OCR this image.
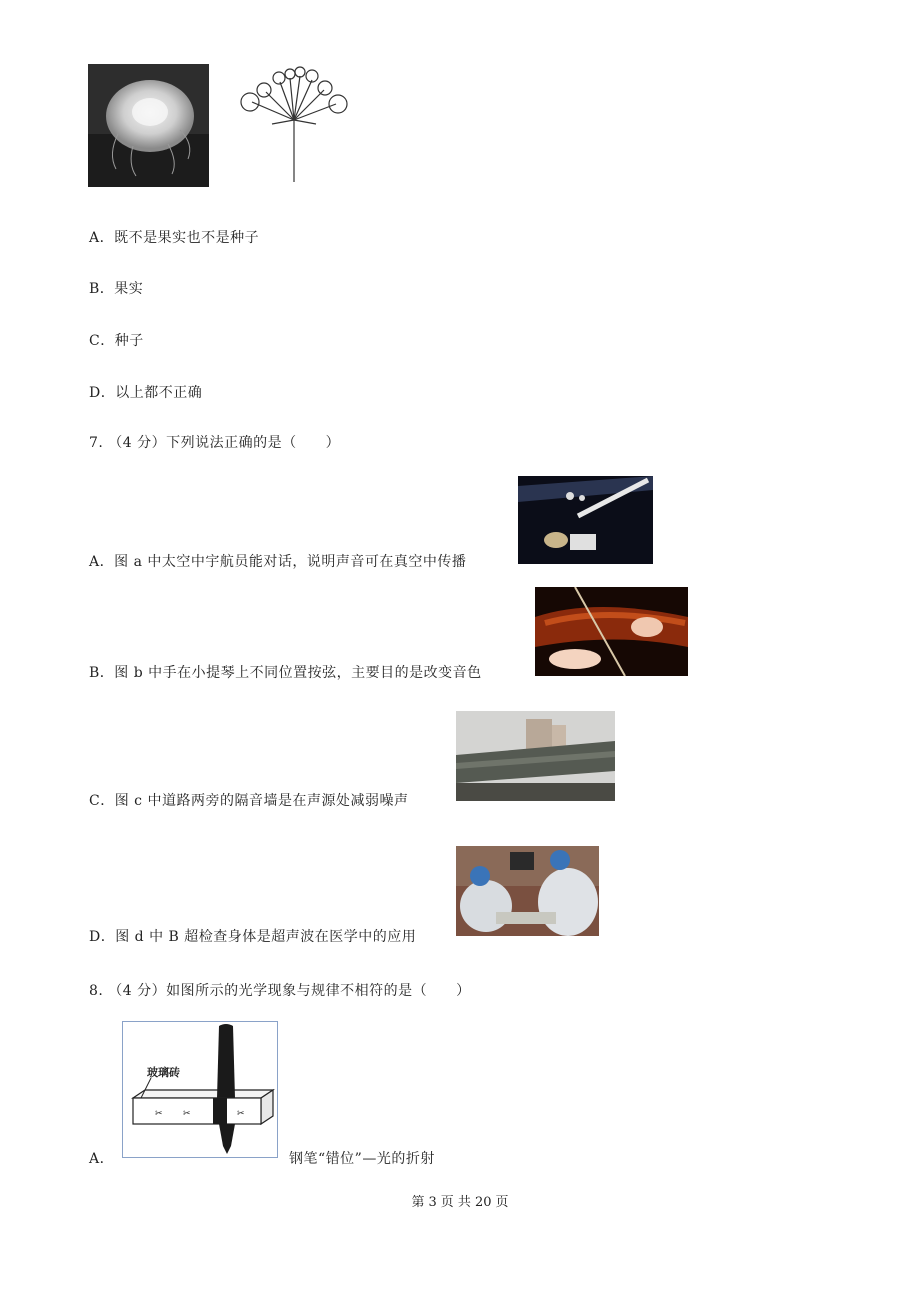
A．既不是果实也不是种子
B．果实
C．种子
D．以上都不正确
7. （4 分）下列说法正确的是（　　）
A．图 a 中太空中宇航员能对话，说明声音可在真空中传播
B．图 b 中手在小提琴上不同位置按弦，主要目的是改变音色
C．图 c 中道路两旁的隔音墙是在声源处减弱噪声
D．图 d 中 B 超检查身体是超声波在医学中的应用
8. （4 分）如图所示的光学现象与规律不相符的是（　　）
A．
✂ ✂	✂
玻璃砖
钢笔“错位”—光的折射
第 3 页 共 20 页
